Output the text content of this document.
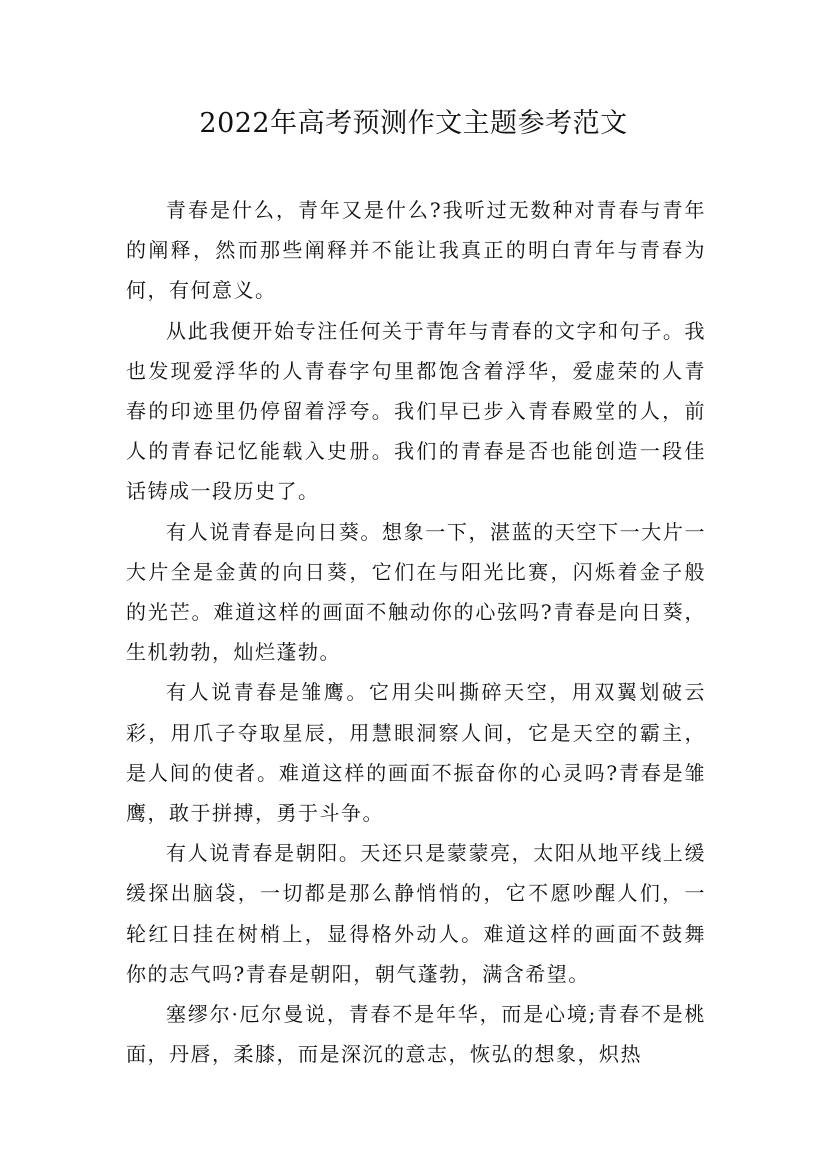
2022年高考预测作文主题参考范文

青春是什么，青年又是什么?我听过无数种对青春与青年的阐释，然而那些阐释并不能让我真正的明白青年与青春为何，有何意义。

从此我便开始专注任何关于青年与青春的文字和句子。我也发现爱浮华的人青春字句里都饱含着浮华，爱虚荣的人青春的印迹里仍停留着浮夸。我们早已步入青春殿堂的人，前人的青春记忆能载入史册。我们的青春是否也能创造一段佳话铸成一段历史了。

有人说青春是向日葵。想象一下，湛蓝的天空下一大片一大片全是金黄的向日葵，它们在与阳光比赛，闪烁着金子般的光芒。难道这样的画面不触动你的心弦吗?青春是向日葵，生机勃勃，灿烂蓬勃。

有人说青春是雏鹰。它用尖叫撕碎天空，用双翼划破云彩，用爪子夺取星辰，用慧眼洞察人间，它是天空的霸主，是人间的使者。难道这样的画面不振奋你的心灵吗?青春是雏鹰，敢于拼搏，勇于斗争。

有人说青春是朝阳。天还只是蒙蒙亮，太阳从地平线上缓缓探出脑袋，一切都是那么静悄悄的，它不愿吵醒人们，一轮红日挂在树梢上，显得格外动人。难道这样的画面不鼓舞你的志气吗?青春是朝阳，朝气蓬勃，满含希望。

塞缪尔·厄尔曼说，青春不是年华，而是心境;青春不是桃面，丹唇，柔膝，而是深沉的意志，恢弘的想象，炽热
